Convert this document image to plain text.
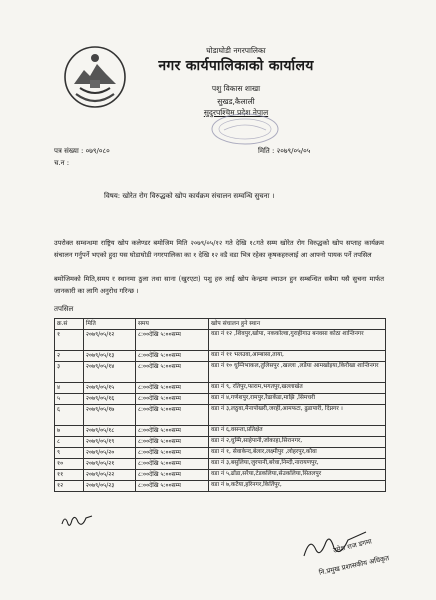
घोडाघोडी नगरपालिका
नगर कार्यपालिकाको कार्यालय
पशु विकास शाखा
सुखड,कैलाली
सुदुरपश्चिम प्रदेश नेपाल
पत्र संख्या : ०७९/०८०
च.न :
मिति : २०७९/०५/०५
विषय: खोरेत रोग विरुद्धको खोप कार्यक्रम संचालन सम्वन्धि सुचना ।
उपरोक्त सम्वन्धमा राष्ट्रिय खोप कलेण्डर बमोजिम मिति २०७९/०५/१२ गते देखि १८गते सम्म खोरेत रोग विरुद्धको खोप सप्ताह कार्यक्रम संचालन गर्नुपर्ने भएको हुदा यस घोडाघोडी नगरपालिका का १ देखि १२ वडै वडा भित्र रहेका कृषकहरुलाई आ आफ्नो पायक पर्ने तपसिल
बमोजिमको मिति,समय र स्थानमा ठुला तथा साना (खुरएटा) पशु हरु लाई खोप केन्द्रमा ल्याउन हुन सम्बन्धित सबैमा यसै सुचना मार्फत जानकारी का लागि अनुरोध गरिन्छ ।
तपसिल
क्र.सं	मिति	समय	खोप संचालन हुने स्थान
१	२०७९/०५/१२	८:००देखि ५:००सम्म	वडा नं १२ ,शिवपुर,खोपा, नककोल्वा,गुराहीगाउ बनवसा कोठा शान्तिनगर
२	२०७९/०५/१३	८:००देखि ५:००सम्म	वडा नं ११ भलउवा,आम्बासा,ताया,
३	२०७९/०५/१४	८:००देखि ५:००सम्म	वडा नं १० धुम्निभाकल,तुलिसपुर ,खल्ला ,लडैया आमखोइया,किरौखा शान्तिनगर
४	२०७९/०५/१५	८:००देखि ५:००सम्म	वडा नं ९, रतिपुर,फाराम,भगतपुर,खल्लाखेत
५	२०७९/०५/१६	८:००देखि ५:००सम्म	वडा नं ४,गणेशपुर,रामपुर,रैढाकेंडा,माझि ,सिमचरी
६	२०७९/०५/१७	८:००देखि ५:००सम्म	वडा नं ३,लठुवा,मैनापोखरी,जरही,आमफटा, ढुडापारी, दिप्नगर ।
७	२०७९/०५/१८	८:००देखि ५:००सम्म	वडा नं ६,वसन्ता,प्रतिक्षेत
८	२०७९/०५/१९	८:००देखि ५:००सम्म	वडा नं २,धुम्मि,साहेपानी,जोकाहा,सिरानगर,
९	२०७९/०५/२०	८:००देखि ५:००सम्म	वडा नं १, सेवाकेन्द,बेलार,लक्ष्मीपुर ,लोहरपुर,कौवा
१०	२०७९/०५/२१	८:००देखि ५:००सम्म	वडा नं ३,बसुलिया,जुरपानी,बरेवा,निम्दी,नारायणपुर,
११	२०७९/०५/२२	८:००देखि ५:००सम्म	वडा नं ५,ढोंडा,सरैया,टेडकलिया,सेउकलिया,सितलपुर
१२	२०७९/०५/२३	८:००देखि ५:००सम्म	वडा नं ७,कटैया,हरिनगर,किर्तिपुर,
उमेश राज डगमा
नि.प्रमुख प्रशासकीय अधिकृत
